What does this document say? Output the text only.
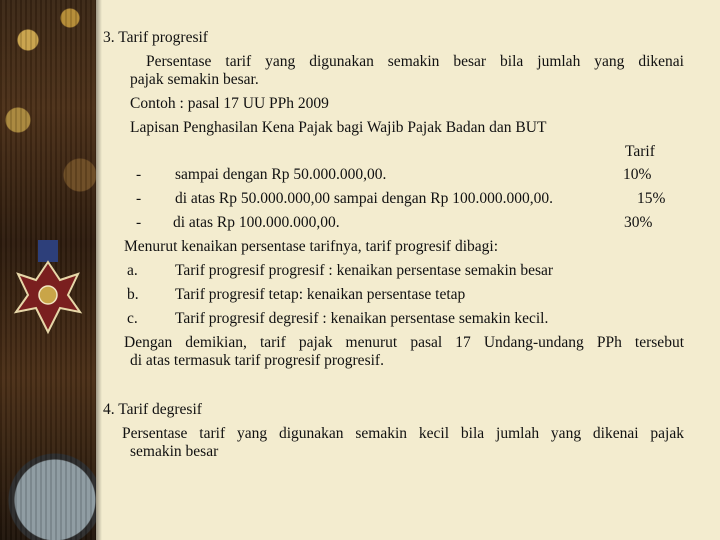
3. Tarif progresif
Persentase tarif yang digunakan semakin besar bila jumlah yang dikenai
pajak semakin besar.
Contoh : pasal 17 UU PPh 2009
Lapisan Penghasilan Kena Pajak bagi Wajib Pajak Badan dan BUT
Tarif
- sampai dengan Rp 50.000.000,00.	10%
- di atas Rp 50.000.000,00 sampai dengan Rp 100.000.000,00.	15%
- di atas Rp 100.000.000,00.	30%
Menurut kenaikan persentase tarifnya, tarif progresif dibagi:
a. Tarif progresif progresif : kenaikan persentase semakin besar
b. Tarif progresif tetap: kenaikan persentase tetap
c. Tarif progresif degresif : kenaikan persentase semakin kecil.
Dengan demikian, tarif pajak menurut pasal 17 Undang-undang PPh tersebut
di atas termasuk tarif progresif progresif.
4. Tarif degresif
Persentase tarif yang digunakan semakin kecil bila jumlah yang dikenai pajak
semakin besar
